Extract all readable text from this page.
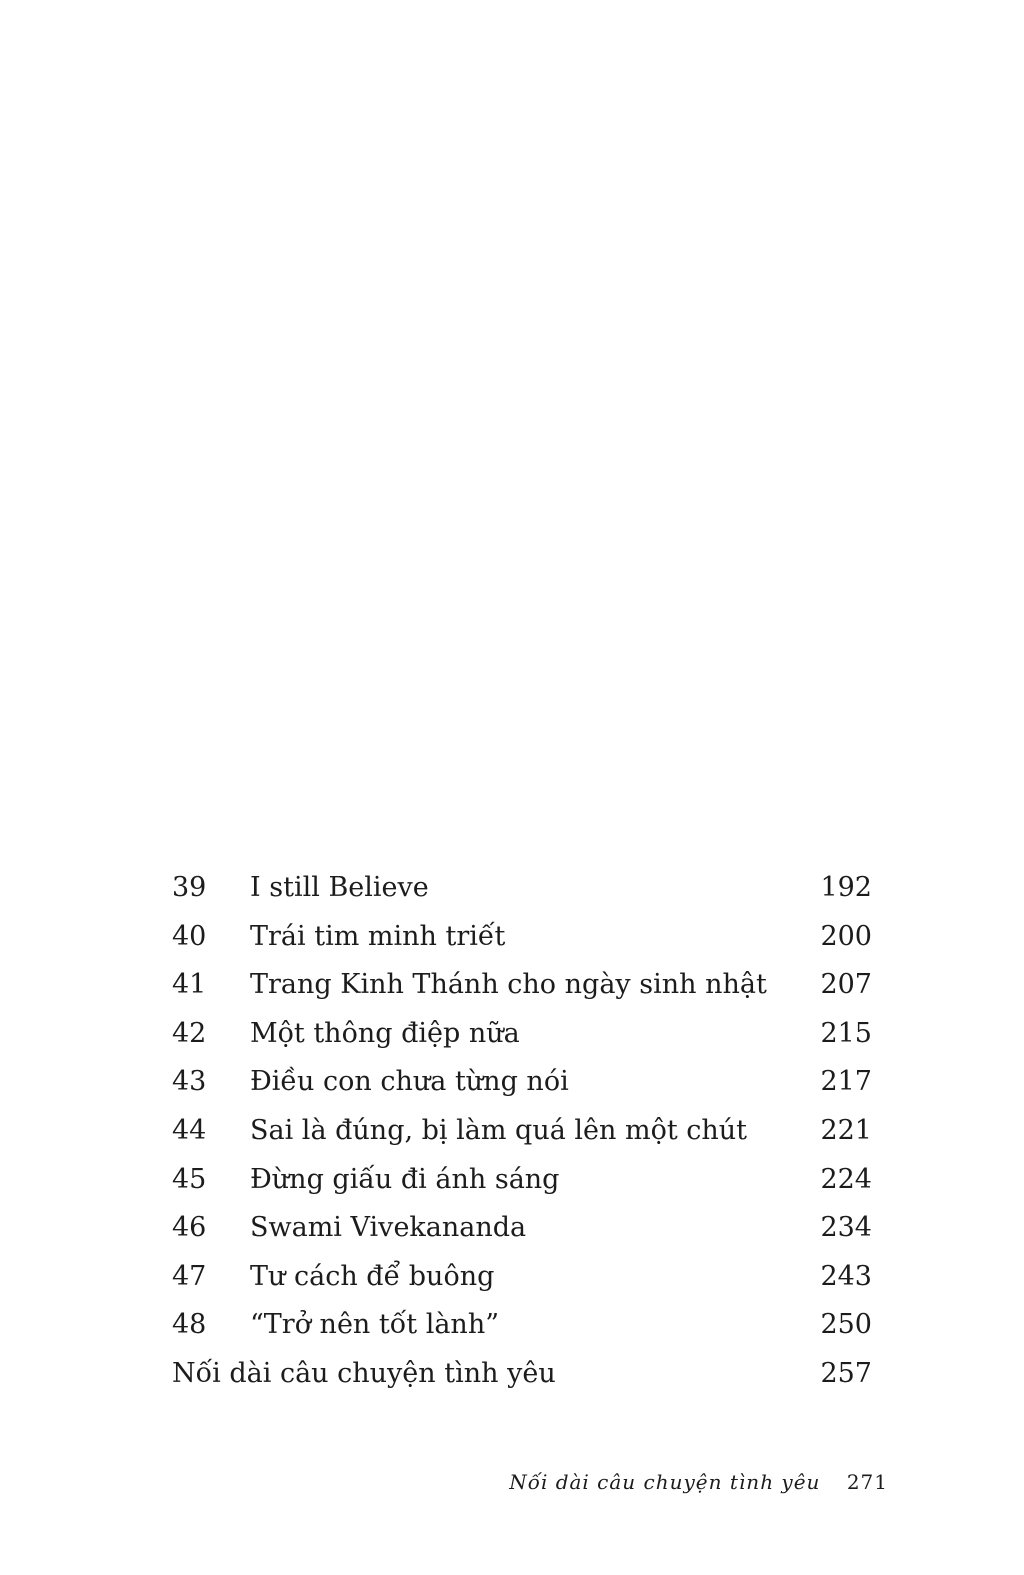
39 I still Believe	192
40 Trái tim minh triết	200
41 Trang Kinh Thánh cho ngày sinh nhật 207
42 Một thông điệp nữa	215
43 Điều con chưa từng nói	217
44 Sai là đúng, bị làm quá lên một chút	221
45 Đừng giấu đi ánh sáng	224
46 Swami Vivekananda	234
47 Tư cách để buông	243
48 “Trở nên tốt lành”	250
Nối dài câu chuyện tình yêu	257
Nối dài câu chuyện tình yêu 271
